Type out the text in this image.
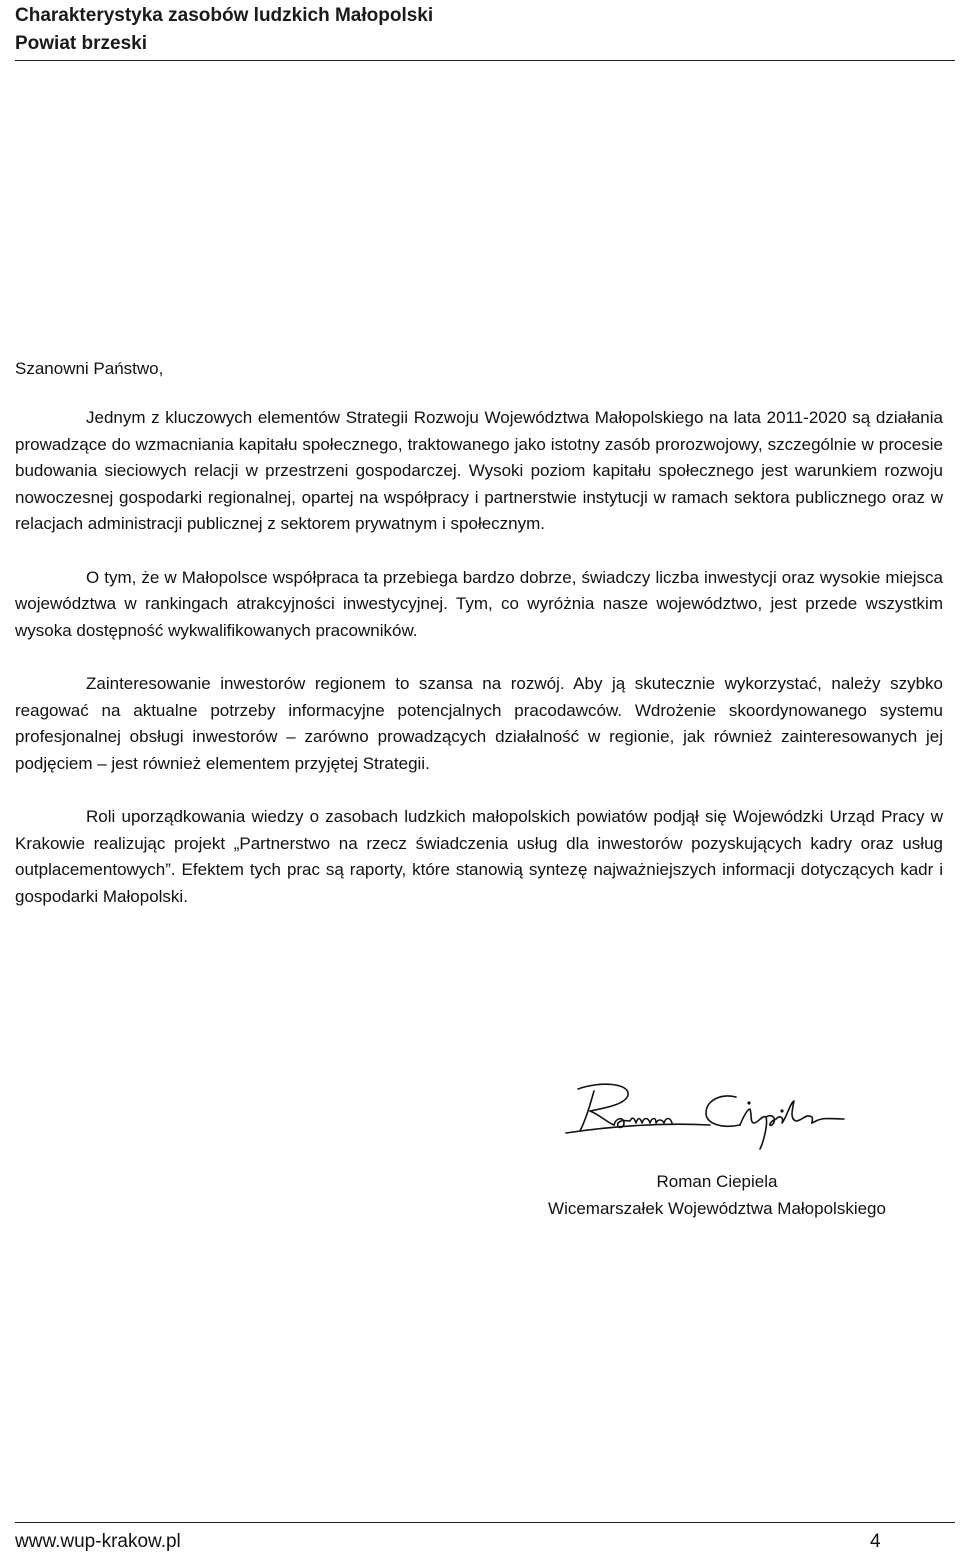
Charakterystyka zasobów ludzkich Małopolski
Powiat brzeski
Szanowni Państwo,

Jednym z kluczowych elementów Strategii Rozwoju Województwa Małopolskiego na lata 2011-2020 są działania prowadzące do wzmacniania kapitału społecznego, traktowanego jako istotny zasób prorozwojowy, szczególnie w procesie budowania sieciowych relacji w przestrzeni gospodarczej. Wysoki poziom kapitału społecznego jest warunkiem rozwoju nowoczesnej gospodarki regionalnej, opartej na współpracy i partnerstwie instytucji w ramach sektora publicznego oraz w relacjach administracji publicznej z sektorem prywatnym i społecznym.

O tym, że w Małopolsce współpraca ta przebiega bardzo dobrze, świadczy liczba inwestycji oraz wysokie miejsca województwa w rankingach atrakcyjności inwestycyjnej. Tym, co wyróżnia nasze województwo, jest przede wszystkim wysoka dostępność wykwalifikowanych pracowników.

Zainteresowanie inwestorów regionem to szansa na rozwój. Aby ją skutecznie wykorzystać, należy szybko reagować na aktualne potrzeby informacyjne potencjalnych pracodawców. Wdrożenie skoordynowanego systemu profesjonalnej obsługi inwestorów – zarówno prowadzących działalność w regionie, jak również zainteresowanych jej podjęciem – jest również elementem przyjętej Strategii.

Roli uporządkowania wiedzy o zasobach ludzkich małopolskich powiatów podjął się Wojewódzki Urząd Pracy w Krakowie realizując projekt „Partnerstwo na rzecz świadczenia usług dla inwestorów pozyskujących kadry oraz usług outplacementowych”. Efektem tych prac są raporty, które stanowią syntezę najważniejszych informacji dotyczących kadr i gospodarki Małopolski.

Roman Ciepiela
Wicemarszałek Województwa Małopolskiego
www.wup-krakow.pl	4
